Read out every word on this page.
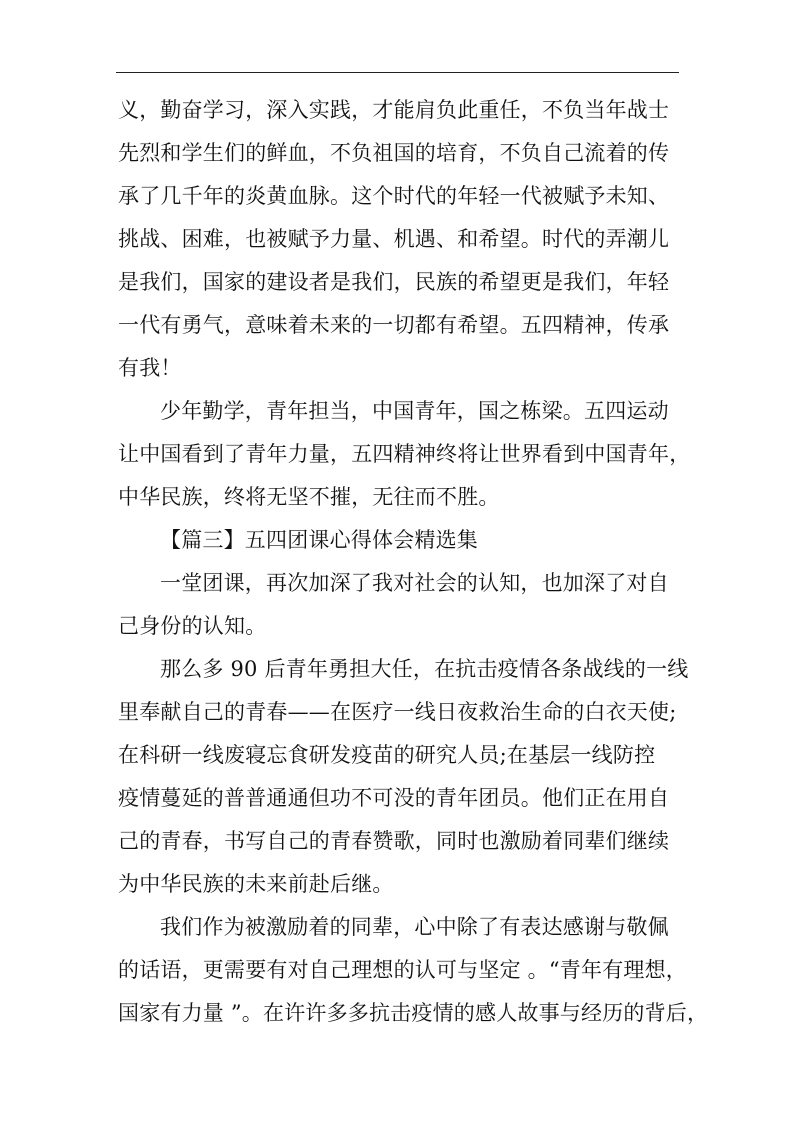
义，勤奋学习，深入实践，才能肩负此重任，不负当年战士
先烈和学生们的鲜血，不负祖国的培育，不负自己流着的传
承了几千年的炎黄血脉。这个时代的年轻一代被赋予未知、
挑战、困难，也被赋予力量、机遇、和希望。时代的弄潮儿
是我们，国家的建设者是我们，民族的希望更是我们，年轻
一代有勇气，意味着未来的一切都有希望。五四精神，传承
有我！
少年勤学，青年担当，中国青年，国之栋梁。五四运动
让中国看到了青年力量，五四精神终将让世界看到中国青年，
中华民族，终将无坚不摧，无往而不胜。
【篇三】五四团课心得体会精选集
一堂团课，再次加深了我对社会的认知，也加深了对自
己身份的认知。
那么多 90 后青年勇担大任，在抗击疫情各条战线的一线
里奉献自己的青春——在医疗一线日夜救治生命的白衣天使;
在科研一线废寝忘食研发疫苗的研究人员;在基层一线防控
疫情蔓延的普普通通但功不可没的青年团员。他们正在用自
己的青春，书写自己的青春赞歌，同时也激励着同辈们继续
为中华民族的未来前赴后继。
我们作为被激励着的同辈，心中除了有表达感谢与敬佩
的话语，更需要有对自己理想的认可与坚定 。“青年有理想，
国家有力量 ”。在许许多多抗击疫情的感人故事与经历的背后，
